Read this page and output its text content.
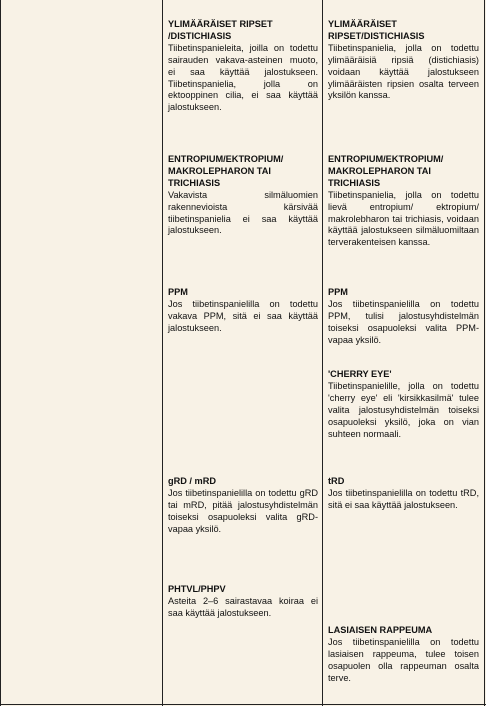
YLIMÄÄRÄISET RIPSET /DISTICHIASIS
Tiibetinspanieleita, joilla on todettu sairauden vakava-asteinen muoto, ei saa käyttää jalostukseen. Tiibetinspanielia, jolla on ektooppinen cilia, ei saa käyttää jalostukseen.
ENTROPIUM/EKTROPIUM/ MAKROLEPHARON TAI TRICHIASIS
Vakavista silmäluomien rakennevioista kärsivää tiibetinspanielia ei saa käyttää jalostukseen.
PPM
Jos tiibetinspanielilla on todettu vakava PPM, sitä ei saa käyttää jalostukseen.
gRD / mRD
Jos tiibetinspanielilla on todettu gRD tai mRD, pitää jalostusyhdistelmän toiseksi osapuoleksi valita gRD-vapaa yksilö.
PHTVL/PHPV
Asteita 2–6 sairastavaa koiraa ei saa käyttää jalostukseen.
YLIMÄÄRÄISET RIPSET/DISTICHIASIS
Tiibetinspanielia, jolla on todettu ylimääräisiä ripsiä (distichiasis) voidaan käyttää jalostukseen ylimääräisten ripsien osalta terveen yksilön kanssa.
ENTROPIUM/EKTROPIUM/ MAKROLEPHARON TAI TRICHIASIS
Tiibetinspanielia, jolla on todettu lievä entropium/ ektropium/ makrolebharon tai trichiasis, voidaan käyttää jalostukseen silmäluomiltaan terverakenteisen kanssa.
PPM
Jos tiibetinspanielilla on todettu PPM, tulisi jalostusyhdistelmän toiseksi osapuoleksi valita PPM-vapaa yksilö.
'CHERRY EYE'
Tiibetinspanielille, jolla on todettu 'cherry eye' eli 'kirsikkasilmä' tulee valita jalostusyhdistelmän toiseksi osapuoleksi yksilö, joka on vian suhteen normaali.
tRD
Jos tiibetinspanielilla on todettu tRD, sitä ei saa käyttää jalostukseen.
LASIAISEN RAPPEUMA
Jos tiibetinspanielilla on todettu lasiaisen rappeuma, tulee toisen osapuolen olla rappeuman osalta terve.
